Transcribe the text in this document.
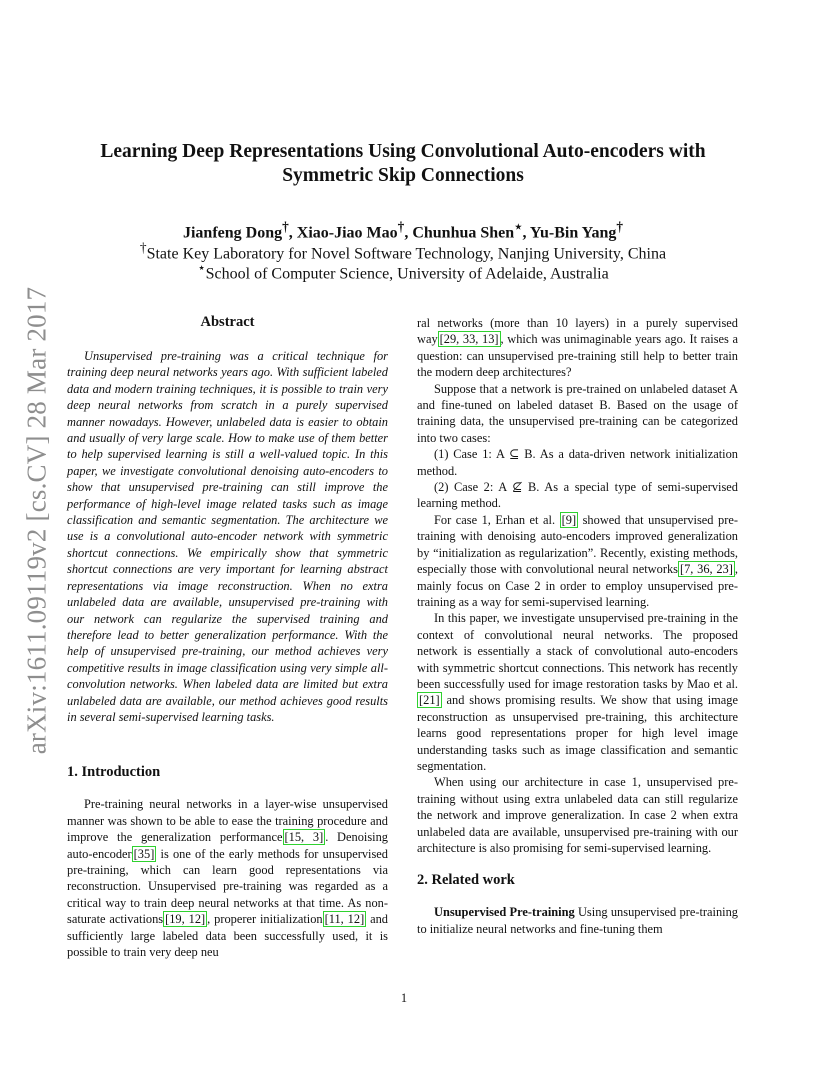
arXiv:1611.09119v2 [cs.CV] 28 Mar 2017
Learning Deep Representations Using Convolutional Auto-encoders with
Symmetric Skip Connections
Jianfeng Dong†, Xiao-Jiao Mao†, Chunhua Shen⋆, Yu-Bin Yang†
†State Key Laboratory for Novel Software Technology, Nanjing University, China
⋆School of Computer Science, University of Adelaide, Australia
Abstract

Unsupervised pre-training was a critical technique for training deep neural networks years ago. With sufficient labeled data and modern training techniques, it is possible to train very deep neural networks from scratch in a purely supervised manner nowadays. However, unlabeled data is easier to obtain and usually of very large scale. How to make use of them better to help supervised learning is still a well-valued topic. In this paper, we investigate convolutional denoising auto-encoders to show that unsupervised pre-training can still improve the performance of high-level image related tasks such as image classification and semantic segmentation. The architecture we use is a convolutional auto-encoder network with symmetric shortcut connections. We empirically show that symmetric shortcut connections are very important for learning abstract representations via image reconstruction. When no extra unlabeled data are available, unsupervised pre-training with our network can regularize the supervised training and therefore lead to better generalization performance. With the help of unsupervised pre-training, our method achieves very competitive results in image classification using very simple all-convolution networks. When labeled data are limited but extra unlabeled data are available, our method achieves good results in several semi-supervised learning tasks.

1. Introduction

Pre-training neural networks in a layer-wise unsupervised manner was shown to be able to ease the training procedure and improve the generalization performance [15, 3] . Denoising auto-encoder [35] is one of the early methods for unsupervised pre-training, which can learn good representations via reconstruction. Unsupervised pre-training was regarded as a critical way to train deep neural networks at that time. As non-saturate activations [19, 12] , properer initialization [11, 12] and sufficiently large labeled data been successfully used, it is possible to train very deep neu

ral networks (more than 10 layers) in a purely supervised way [29, 33, 13] , which was unimaginable years ago. It raises a question: can unsupervised pre-training still help to better train the modern deep architectures?

Suppose that a network is pre-trained on unlabeled dataset A and fine-tuned on labeled dataset B. Based on the usage of training data, the unsupervised pre-training can be categorized into two cases:

(1) Case 1: A ⊆ B. As a data-driven network initialization method.

(2) Case 2: A ⊈ B. As a special type of semi-supervised learning method.

For case 1, Erhan et al. [9] showed that unsupervised pre-training with denoising auto-encoders improved generalization by “initialization as regularization”. Recently, existing methods, especially those with convolutional neural networks [7, 36, 23] , mainly focus on Case 2 in order to employ unsupervised pre-training as a way for semi-supervised learning.

In this paper, we investigate unsupervised pre-training in the context of convolutional neural networks. The proposed network is essentially a stack of convolutional auto-encoders with symmetric shortcut connections. This network has recently been successfully used for image restoration tasks by Mao et al. [21] and shows promising results. We show that using image reconstruction as unsupervised pre-training, this architecture learns good representations proper for high level image understanding tasks such as image classification and semantic segmentation.

When using our architecture in case 1, unsupervised pre-training without using extra unlabeled data can still regularize the network and improve generalization. In case 2 when extra unlabeled data are available, unsupervised pre-training with our architecture is also promising for semi-supervised learning.

2. Related work

Unsupervised Pre-training Using unsupervised pre-training to initialize neural networks and fine-tuning them

1
